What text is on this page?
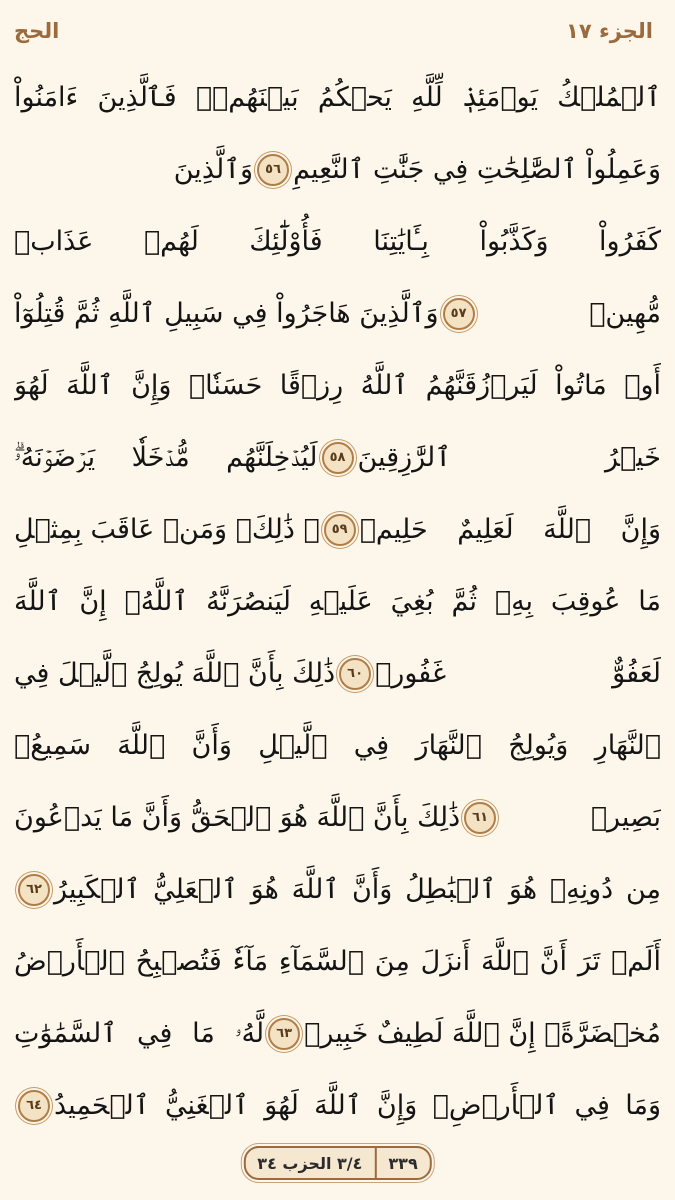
الجزء ١٧
الحج
ٱلۡمُلۡكُ يَوۡمَئِذٖ لِّلَّهِ يَحۡكُمُ بَيۡنَهُمۡۚ فَٱلَّذِينَ ءَامَنُواْ
وَعَمِلُواْ ٱلصَّٰلِحَٰتِ فِي جَنَّٰتِ ٱلنَّعِيمِ
٥٦
وَٱلَّذِينَ
كَفَرُواْ وَكَذَّبُواْ بِـَٔايَٰتِنَا فَأُوْلَٰٓئِكَ لَهُمۡ عَذَابٞ
مُّهِينٞ
٥٧
وَٱلَّذِينَ هَاجَرُواْ فِي سَبِيلِ ٱللَّهِ ثُمَّ قُتِلُوٓاْ
أَوۡ مَاتُواْ لَيَرۡزُقَنَّهُمُ ٱللَّهُ رِزۡقًا حَسَنٗاۚ وَإِنَّ ٱللَّهَ لَهُوَ
خَيۡرُ ٱلرَّٰزِقِينَ
٥٨
لَيُدۡخِلَنَّهُم مُّدۡخَلٗا يَرۡضَوۡنَهُۥۗ
وَإِنَّ ٱللَّهَ لَعَلِيمٌ حَلِيمٞ
٥٩
۞ ذَٰلِكَۖ وَمَنۡ عَاقَبَ بِمِثۡلِ
مَا عُوقِبَ بِهِۦ ثُمَّ بُغِيَ عَلَيۡهِ لَيَنصُرَنَّهُ ٱللَّهُۚ إِنَّ ٱللَّهَ
لَعَفُوٌّ غَفُورٞ
٦٠
ذَٰلِكَ بِأَنَّ ٱللَّهَ يُولِجُ ٱلَّيۡلَ فِي
ٱلنَّهَارِ وَيُولِجُ ٱلنَّهَارَ فِي ٱلَّيۡلِ وَأَنَّ ٱللَّهَ سَمِيعُۢ
بَصِيرٞ
٦١
ذَٰلِكَ بِأَنَّ ٱللَّهَ هُوَ ٱلۡحَقُّ وَأَنَّ مَا يَدۡعُونَ
مِن دُونِهِۦ هُوَ ٱلۡبَٰطِلُ وَأَنَّ ٱللَّهَ هُوَ ٱلۡعَلِيُّ ٱلۡكَبِيرُ
٦٢
أَلَمۡ تَرَ أَنَّ ٱللَّهَ أَنزَلَ مِنَ ٱلسَّمَآءِ مَآءٗ فَتُصۡبِحُ ٱلۡأَرۡضُ
مُخۡضَرَّةًۚ إِنَّ ٱللَّهَ لَطِيفٌ خَبِيرٞ
٦٣
لَّهُۥ مَا فِي ٱلسَّمَٰوَٰتِ
وَمَا فِي ٱلۡأَرۡضِۗ وَإِنَّ ٱللَّهَ لَهُوَ ٱلۡغَنِيُّ ٱلۡحَمِيدُ
٦٤
٣٣٩
٣/٤ الحزب ٣٤
